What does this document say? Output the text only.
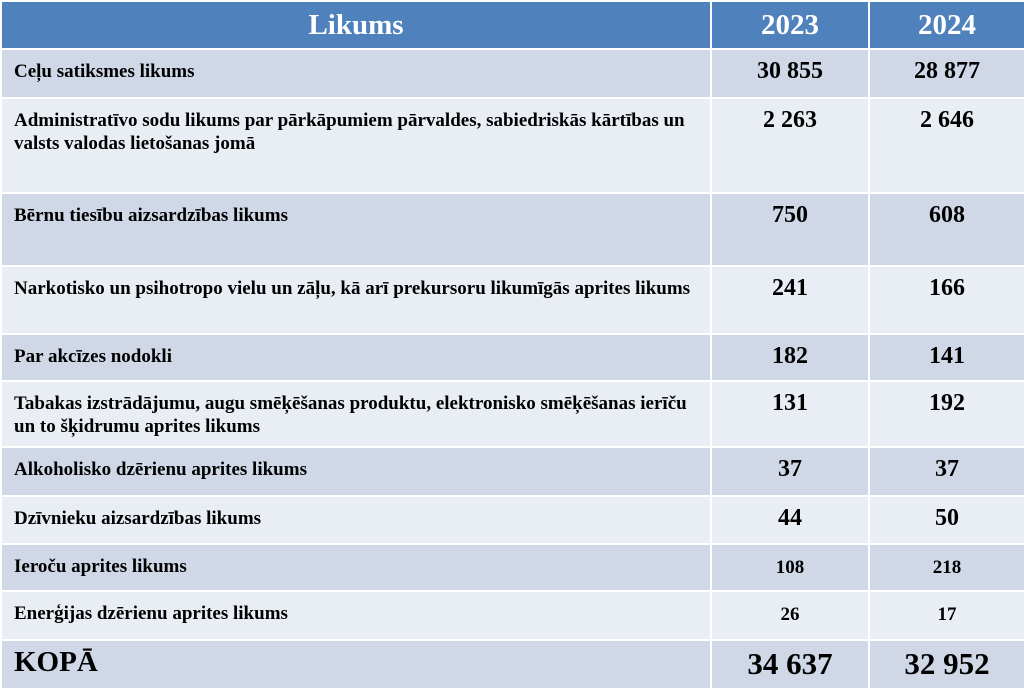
Likums	2023	2024
Ceļu satiksmes likums	30 855	28 877
Administratīvo sodu likums par pārkāpumiem pārvaldes, sabiedriskās kārtības un valsts valodas lietošanas jomā	2 263	2 646
Bērnu tiesību aizsardzības likums	750	608
Narkotisko un psihotropo vielu un zāļu, kā arī prekursoru likumīgās aprites likums	241	166
Par akcīzes nodokli	182	141
Tabakas izstrādājumu, augu smēķēšanas produktu, elektronisko smēķēšanas ierīču un to šķidrumu aprites likums	131	192
Alkoholisko dzērienu aprites likums	37	37
Dzīvnieku aizsardzības likums	44	50
Ieroču aprites likums	108	218
Enerģijas dzērienu aprites likums	26	17
KOPĀ	34 637	32 952
